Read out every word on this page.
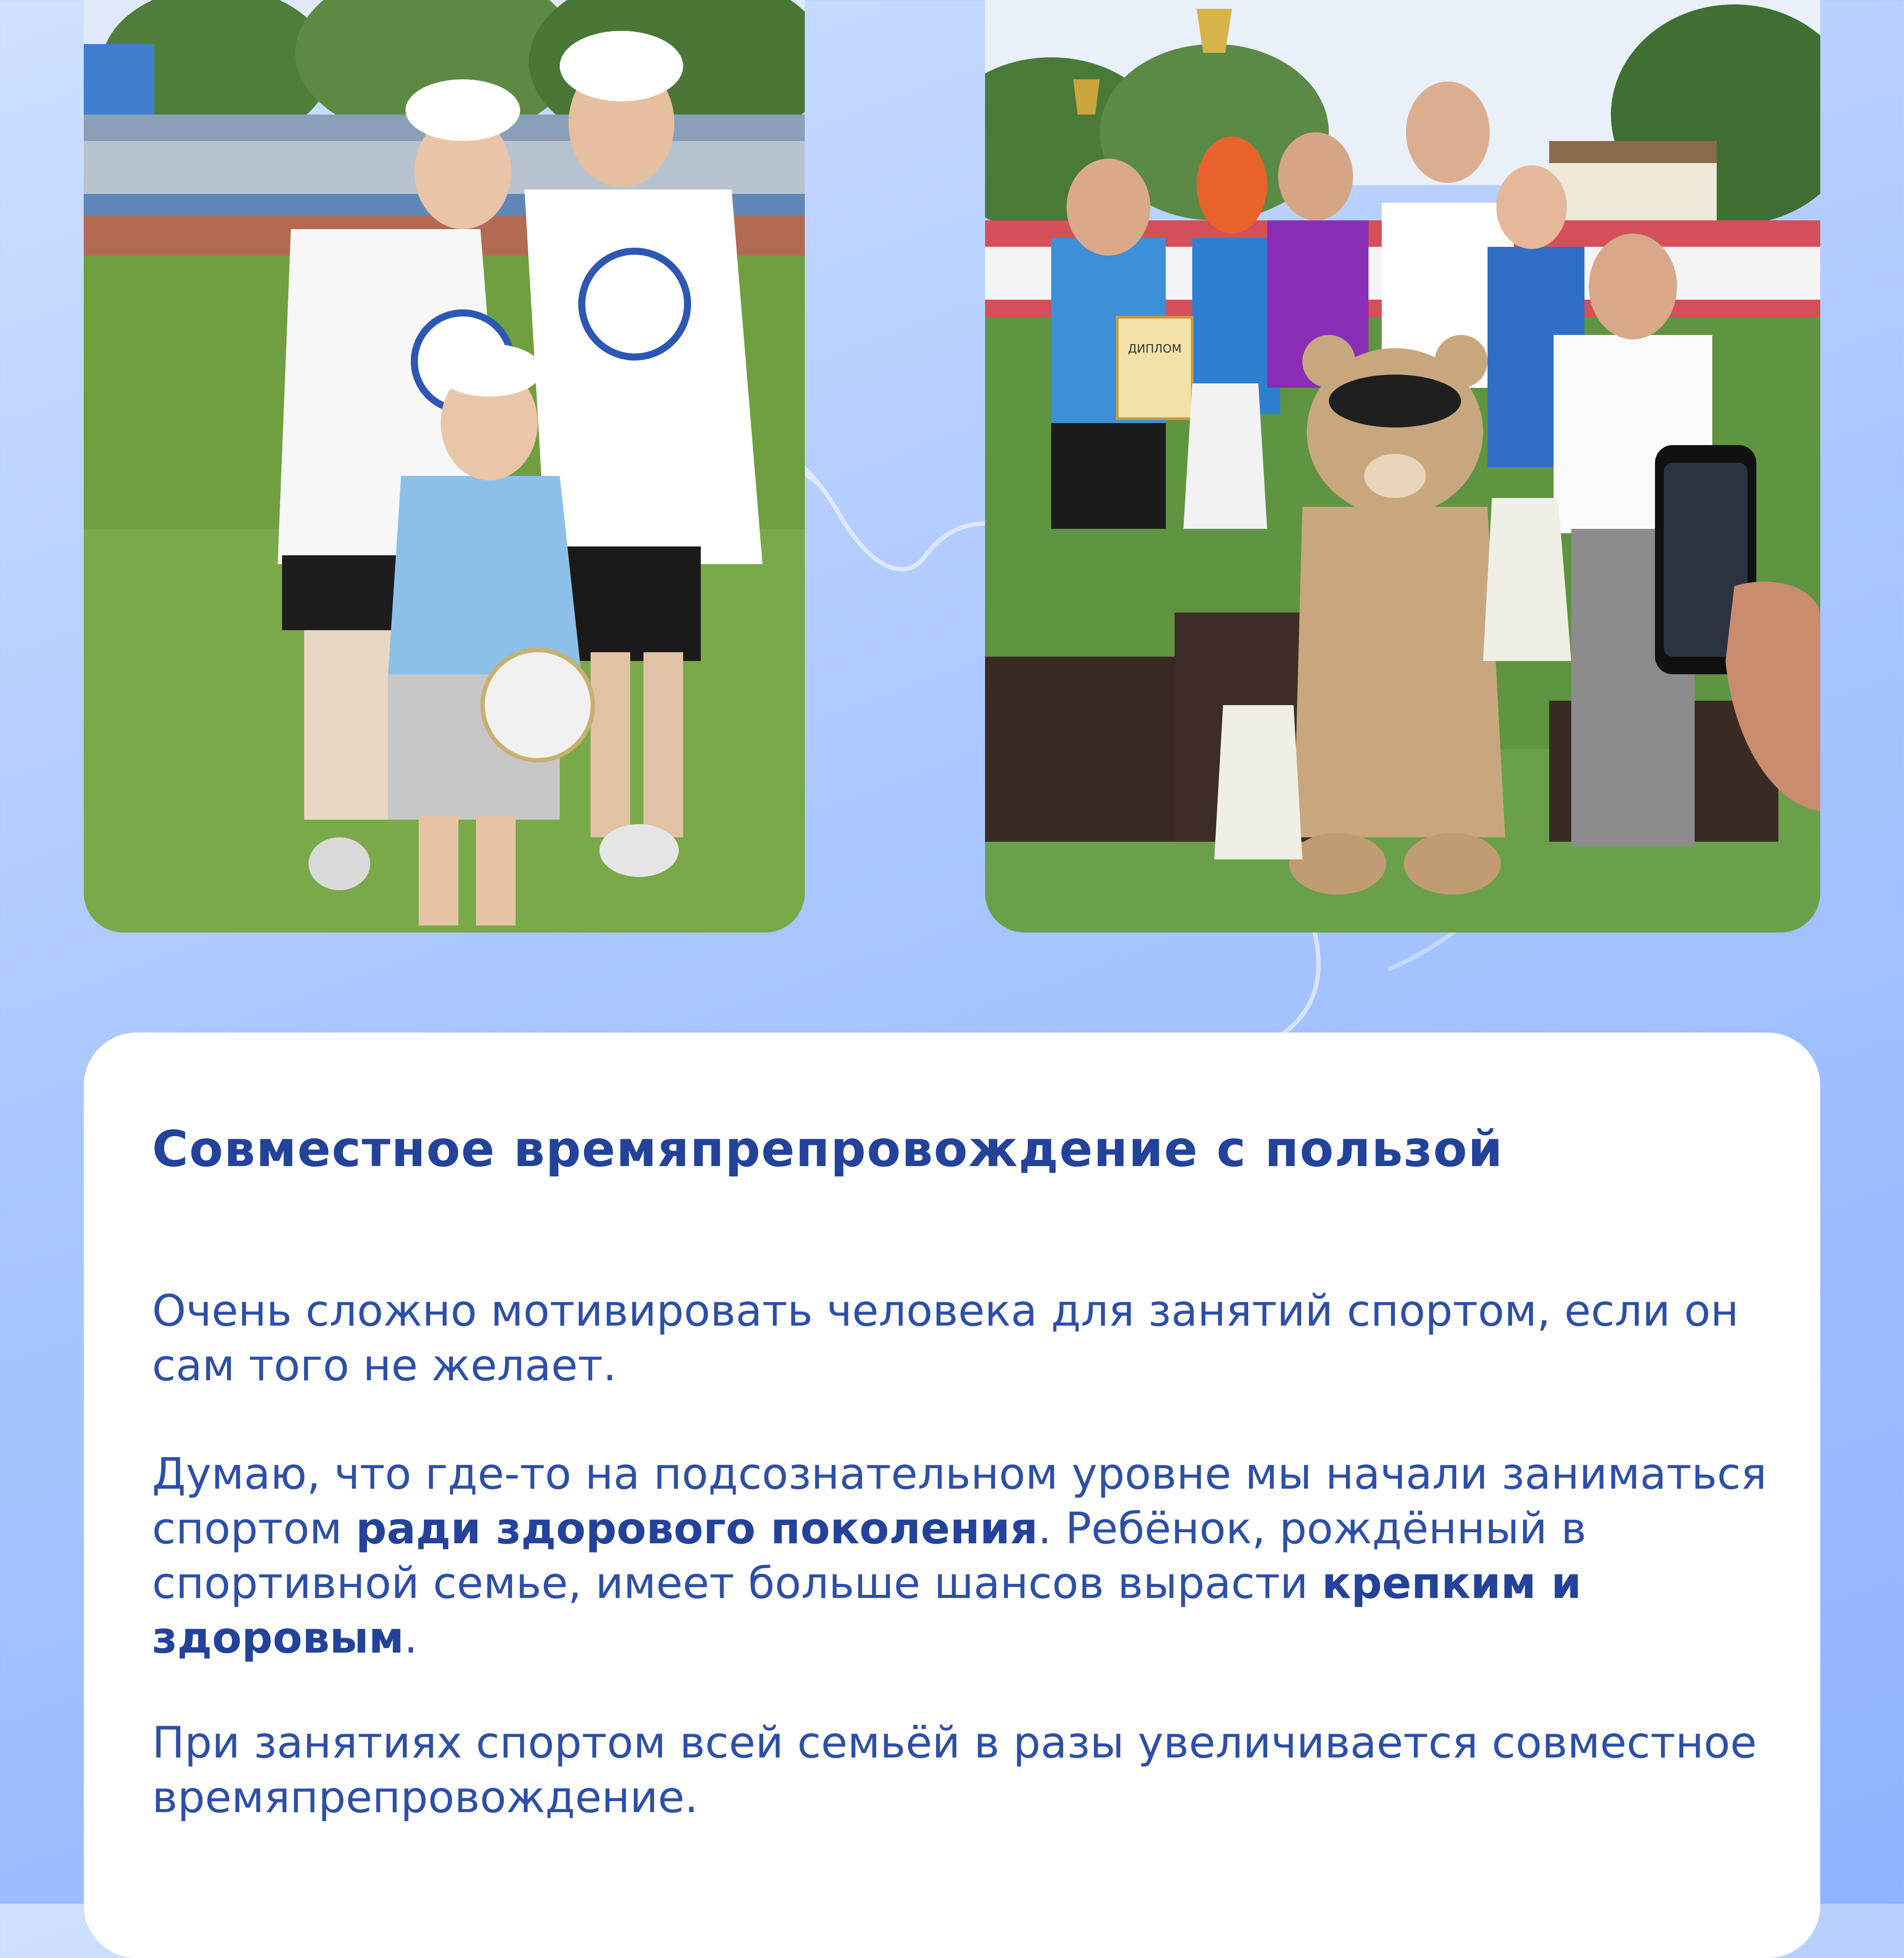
ДИПЛОМ
Совместное времяпрепровождение с пользой

Очень сложно мотивировать человека для занятий спортом, если он сам того не желает.

Думаю, что где-то на подсознательном уровне мы начали заниматься спортом ради здорового поколения. Ребёнок, рождённый в спортивной семье, имеет больше шансов вырасти крепким и здоровым.

При занятиях спортом всей семьёй в разы увеличивается совместное времяпрепровождение.
